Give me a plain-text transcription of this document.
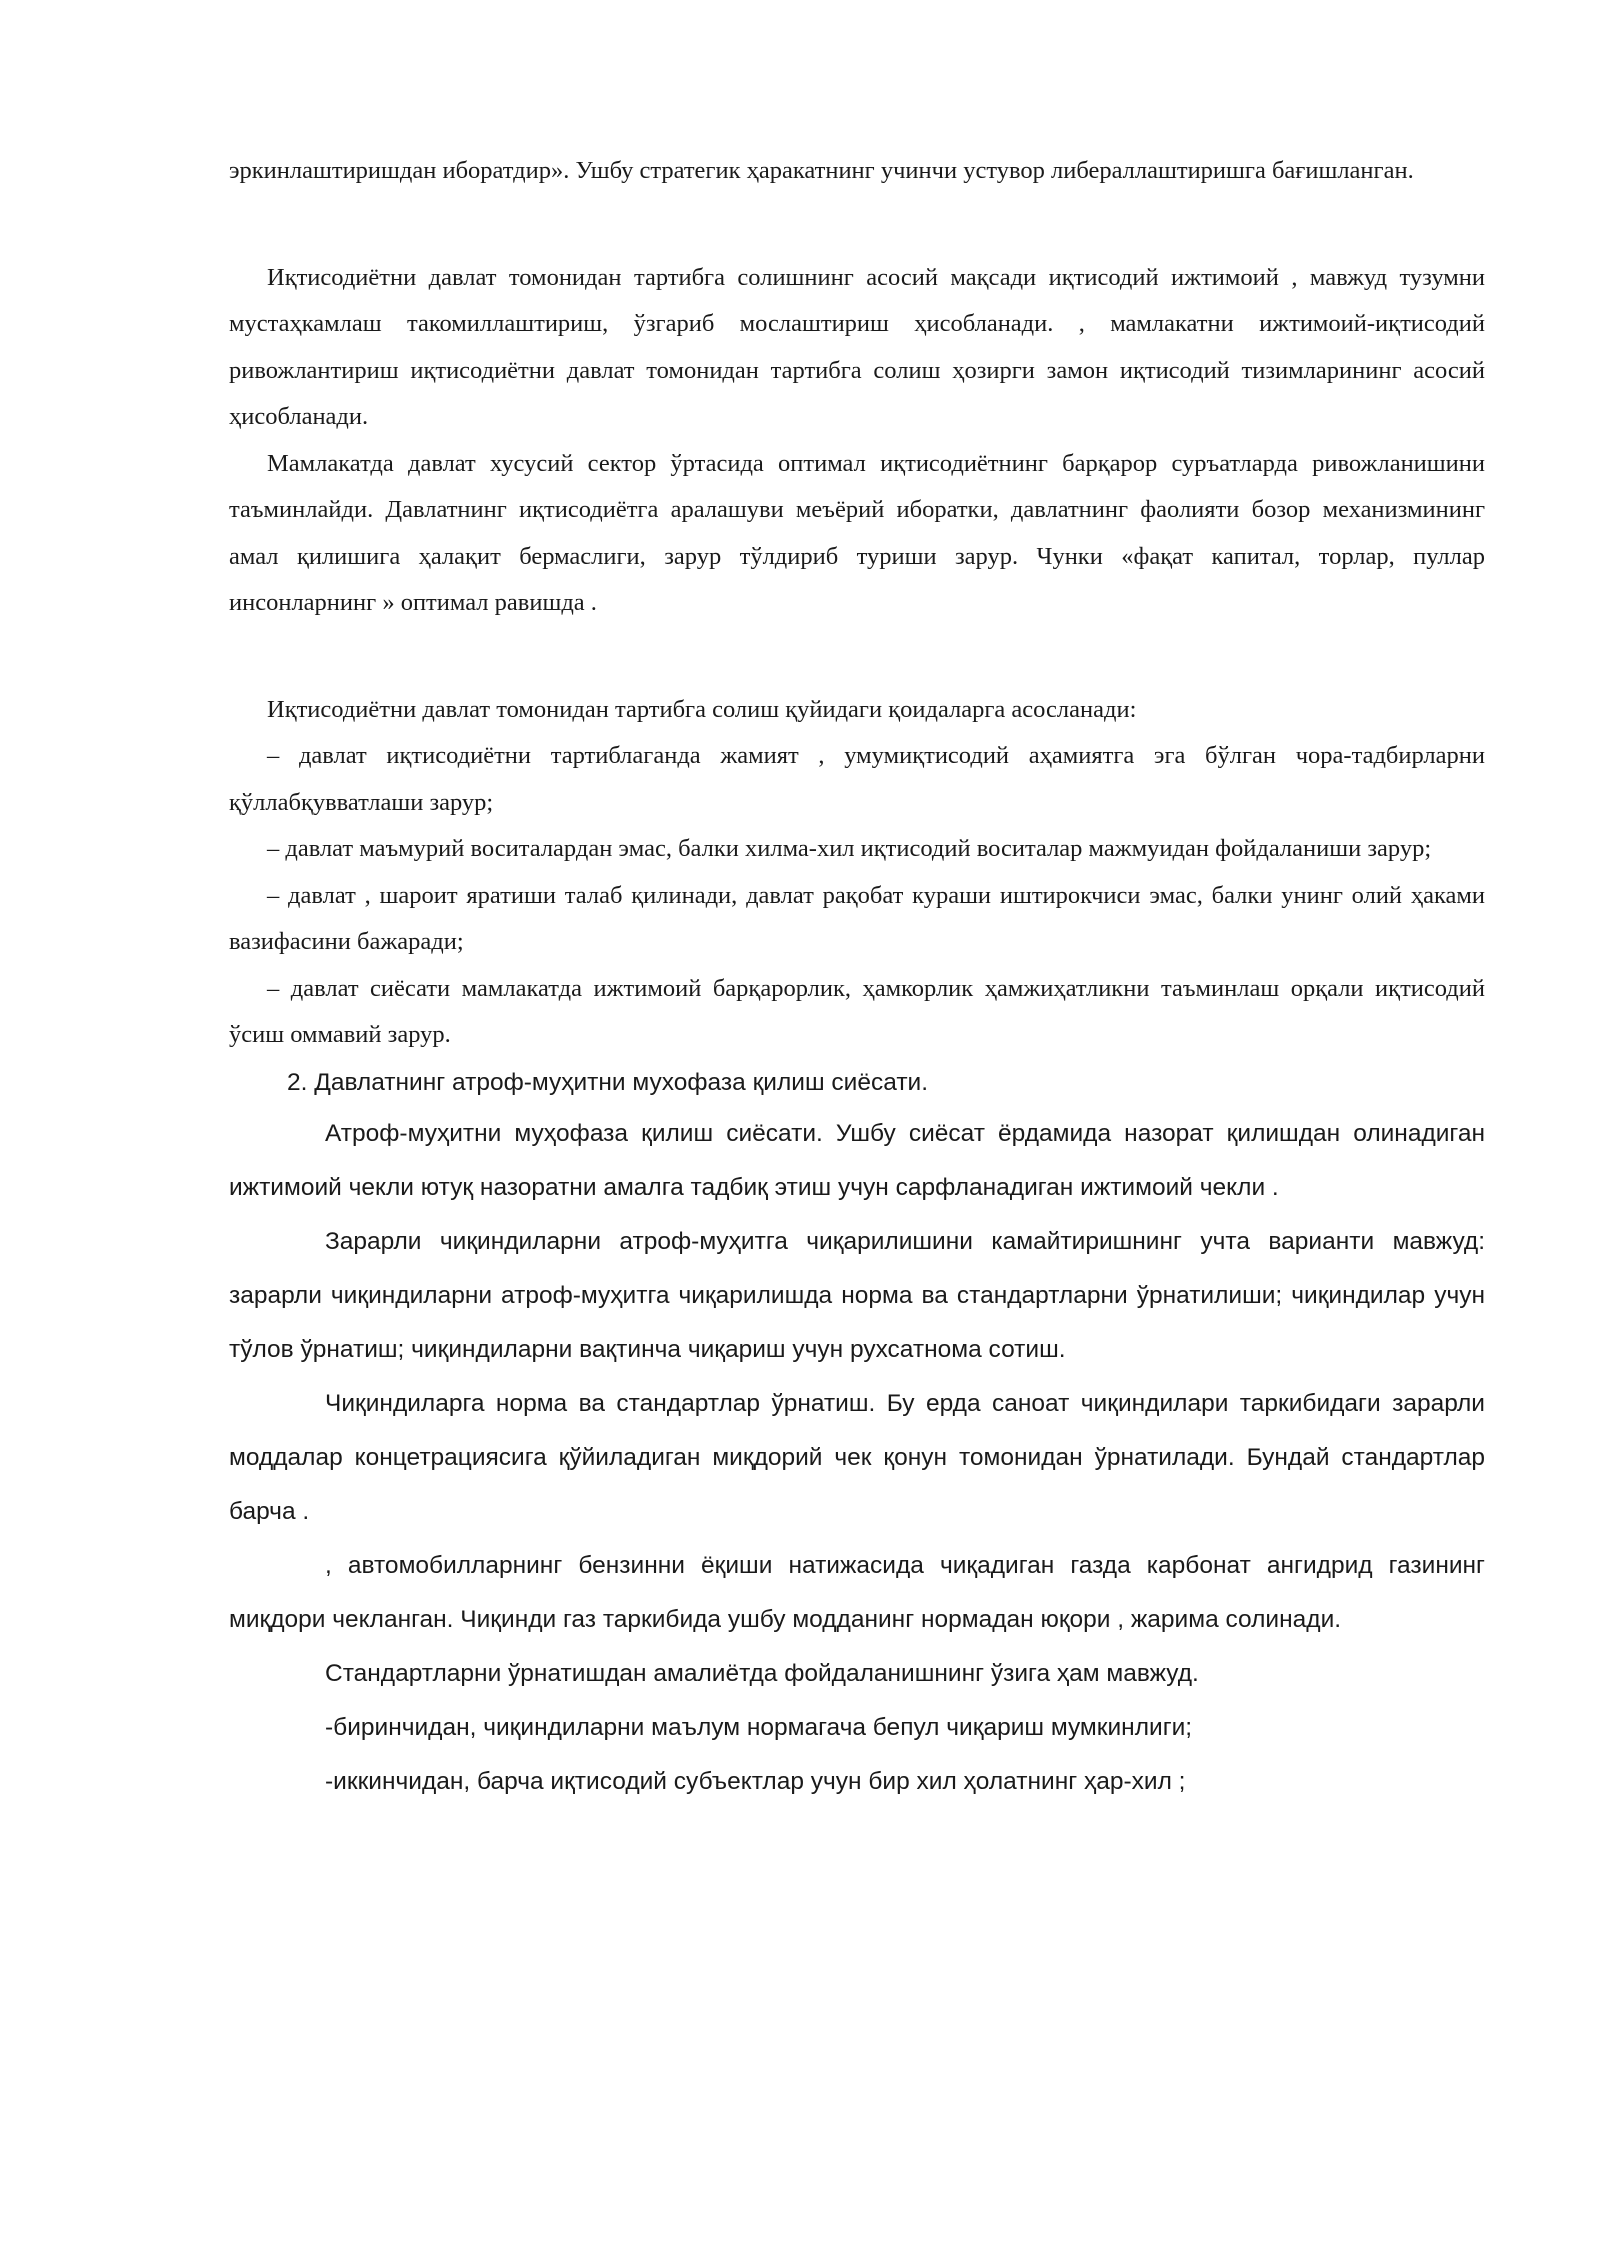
эркинлаштиришдан иборатдир». Ушбу стратегик ҳаракатнинг учинчи устувор либераллаштиришга бағишланган.

Иқтисодиётни давлат томонидан тартибга солишнинг асосий мақсади иқтисодий ижтимоий , мавжуд тузумни мустаҳкамлаш такомиллаштириш, ўзгариб мослаштириш ҳисобланади. , мамлакатни ижтимоий-иқтисодий ривожлантириш иқтисодиётни давлат томонидан тартибга солиш ҳозирги замон иқтисодий тизимларининг асосий ҳисобланади.

Мамлакатда давлат хусусий сектор ўртасида оптимал иқтисодиётнинг барқарор суръатларда ривожланишини таъминлайди. Давлатнинг иқтисодиётга аралашуви меъёрий иборатки, давлатнинг фаолияти бозор механизмининг амал қилишига ҳалақит бермаслиги, зарур тўлдириб туриши зарур. Чунки «фақат капитал, торлар, пуллар инсонларнинг » оптимал равишда .

Иқтисодиётни давлат томонидан тартибга солиш қуйидаги қоидаларга асосланади:

– давлат иқтисодиётни тартиблаганда жамият , умумиқтисодий аҳамиятга эга бўлган чора-тадбирларни қўллабқувватлаши зарур;

– давлат маъмурий воситалардан эмас, балки хилма-хил иқтисодий воситалар мажмуидан фойдаланиши зарур;

– давлат , шароит яратиши талаб қилинади, давлат рақобат кураши иштирокчиси эмас, балки унинг олий ҳаками вазифасини бажаради;

– давлат сиёсати мамлакатда ижтимоий барқарорлик, ҳамкорлик ҳамжиҳатликни таъминлаш орқали иқтисодий ўсиш оммавий зарур.

2. Давлатнинг атроф-муҳитни мухофаза қилиш сиёсати.

Атроф-муҳитни муҳофаза қилиш сиёсати. Ушбу сиёсат ёрдамида назорат қилишдан олинадиган ижтимоий чекли ютуқ назоратни амалга тадбиқ этиш учун сарфланадиган ижтимоий чекли .

Зарарли чиқиндиларни атроф-муҳитга чиқарилишини камайтиришнинг учта варианти мавжуд: зарарли чиқиндиларни атроф-муҳитга чиқарилишда норма ва стандартларни ўрнатилиши; чиқиндилар учун тўлов ўрнатиш; чиқиндиларни вақтинча чиқариш учун рухсатнома сотиш.

Чиқиндиларга норма ва стандартлар ўрнатиш. Бу ерда саноат чиқиндилари таркибидаги зарарли моддалар концетрациясига қўйиладиган миқдорий чек қонун томонидан ўрнатилади. Бундай стандартлар барча .

, автомобилларнинг бензинни ёқиши натижасида чиқадиган газда карбонат ангидрид газининг миқдори чекланган. Чиқинди газ таркибида ушбу модданинг нормадан юқори , жарима солинади.

Стандартларни ўрнатишдан амалиётда фойдаланишнинг ўзига ҳам мавжуд.

-биринчидан, чиқиндиларни маълум нормагача бепул чиқариш мумкинлиги;

-иккинчидан, барча иқтисодий субъектлар учун бир хил ҳолатнинг ҳар-хил ;
